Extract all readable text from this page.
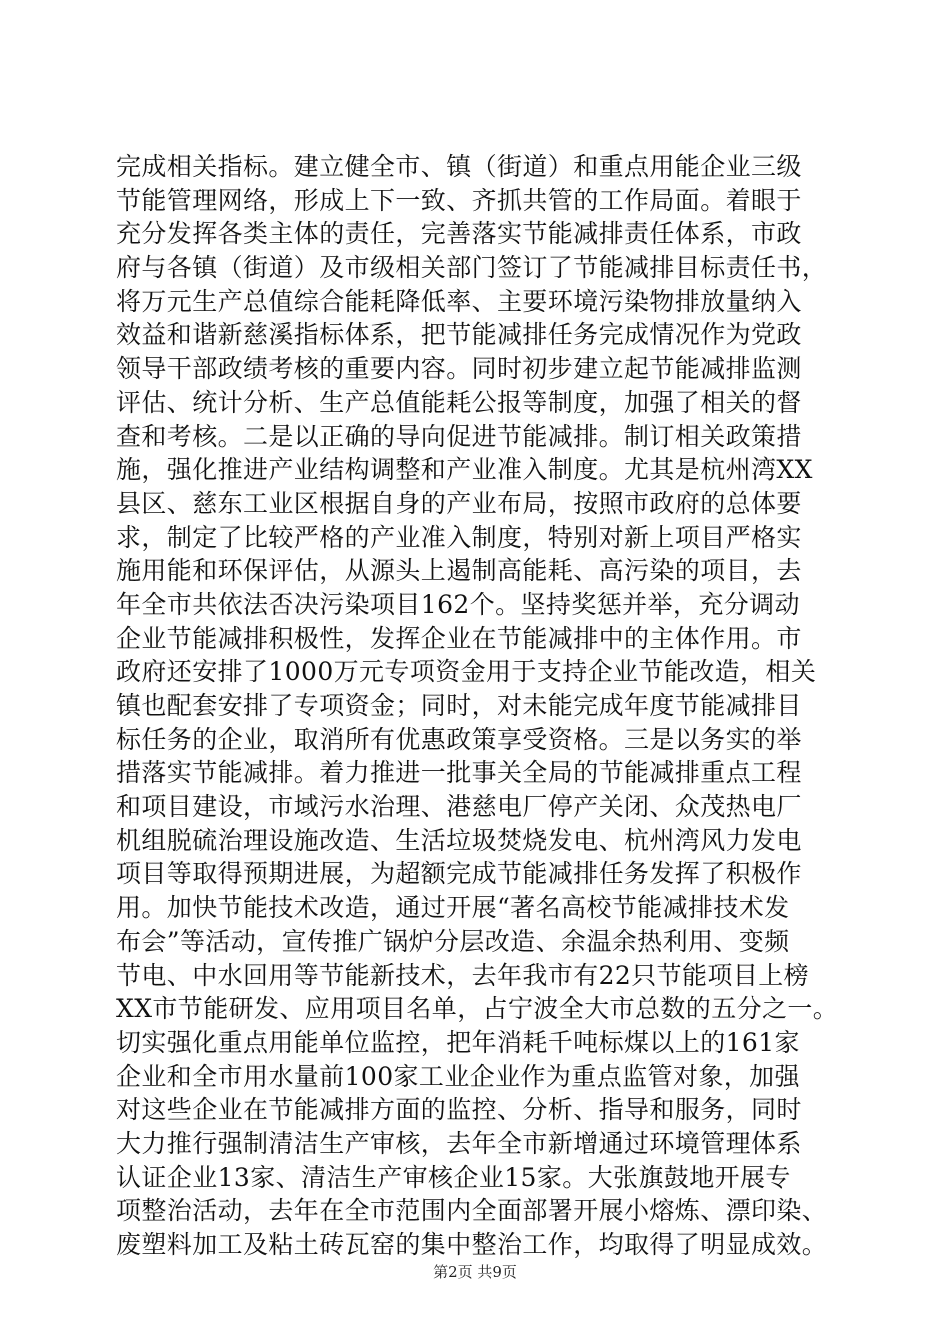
完成相关指标。建立健全市、镇（街道）和重点用能企业三级
节能管理网络，形成上下一致、齐抓共管的工作局面。着眼于
充分发挥各类主体的责任，完善落实节能减排责任体系，市政
府与各镇（街道）及市级相关部门签订了节能减排目标责任书，
将万元生产总值综合能耗降低率、主要环境污染物排放量纳入
效益和谐新慈溪指标体系，把节能减排任务完成情况作为党政
领导干部政绩考核的重要内容。同时初步建立起节能减排监测
评估、统计分析、生产总值能耗公报等制度，加强了相关的督
查和考核。二是以正确的导向促进节能减排。制订相关政策措
施，强化推进产业结构调整和产业准入制度。尤其是杭州湾XX
县区、慈东工业区根据自身的产业布局，按照市政府的总体要
求，制定了比较严格的产业准入制度，特别对新上项目严格实
施用能和环保评估，从源头上遏制高能耗、高污染的项目，去
年全市共依法否决污染项目162个。坚持奖惩并举，充分调动
企业节能减排积极性，发挥企业在节能减排中的主体作用。市
政府还安排了1000万元专项资金用于支持企业节能改造，相关
镇也配套安排了专项资金；同时，对未能完成年度节能减排目
标任务的企业，取消所有优惠政策享受资格。三是以务实的举
措落实节能减排。着力推进一批事关全局的节能减排重点工程
和项目建设，市域污水治理、港慈电厂停产关闭、众茂热电厂
机组脱硫治理设施改造、生活垃圾焚烧发电、杭州湾风力发电
项目等取得预期进展，为超额完成节能减排任务发挥了积极作
用。加快节能技术改造，通过开展“著名高校节能减排技术发
布会”等活动，宣传推广锅炉分层改造、余温余热利用、变频
节电、中水回用等节能新技术，去年我市有22只节能项目上榜
XX市节能研发、应用项目名单，占宁波全大市总数的五分之一。
切实强化重点用能单位监控，把年消耗千吨标煤以上的161家
企业和全市用水量前100家工业企业作为重点监管对象，加强
对这些企业在节能减排方面的监控、分析、指导和服务，同时
大力推行强制清洁生产审核，去年全市新增通过环境管理体系
认证企业13家、清洁生产审核企业15家。大张旗鼓地开展专
项整治活动，去年在全市范围内全面部署开展小熔炼、漂印染、
废塑料加工及粘土砖瓦窑的集中整治工作，均取得了明显成效。
第2页 共9页
